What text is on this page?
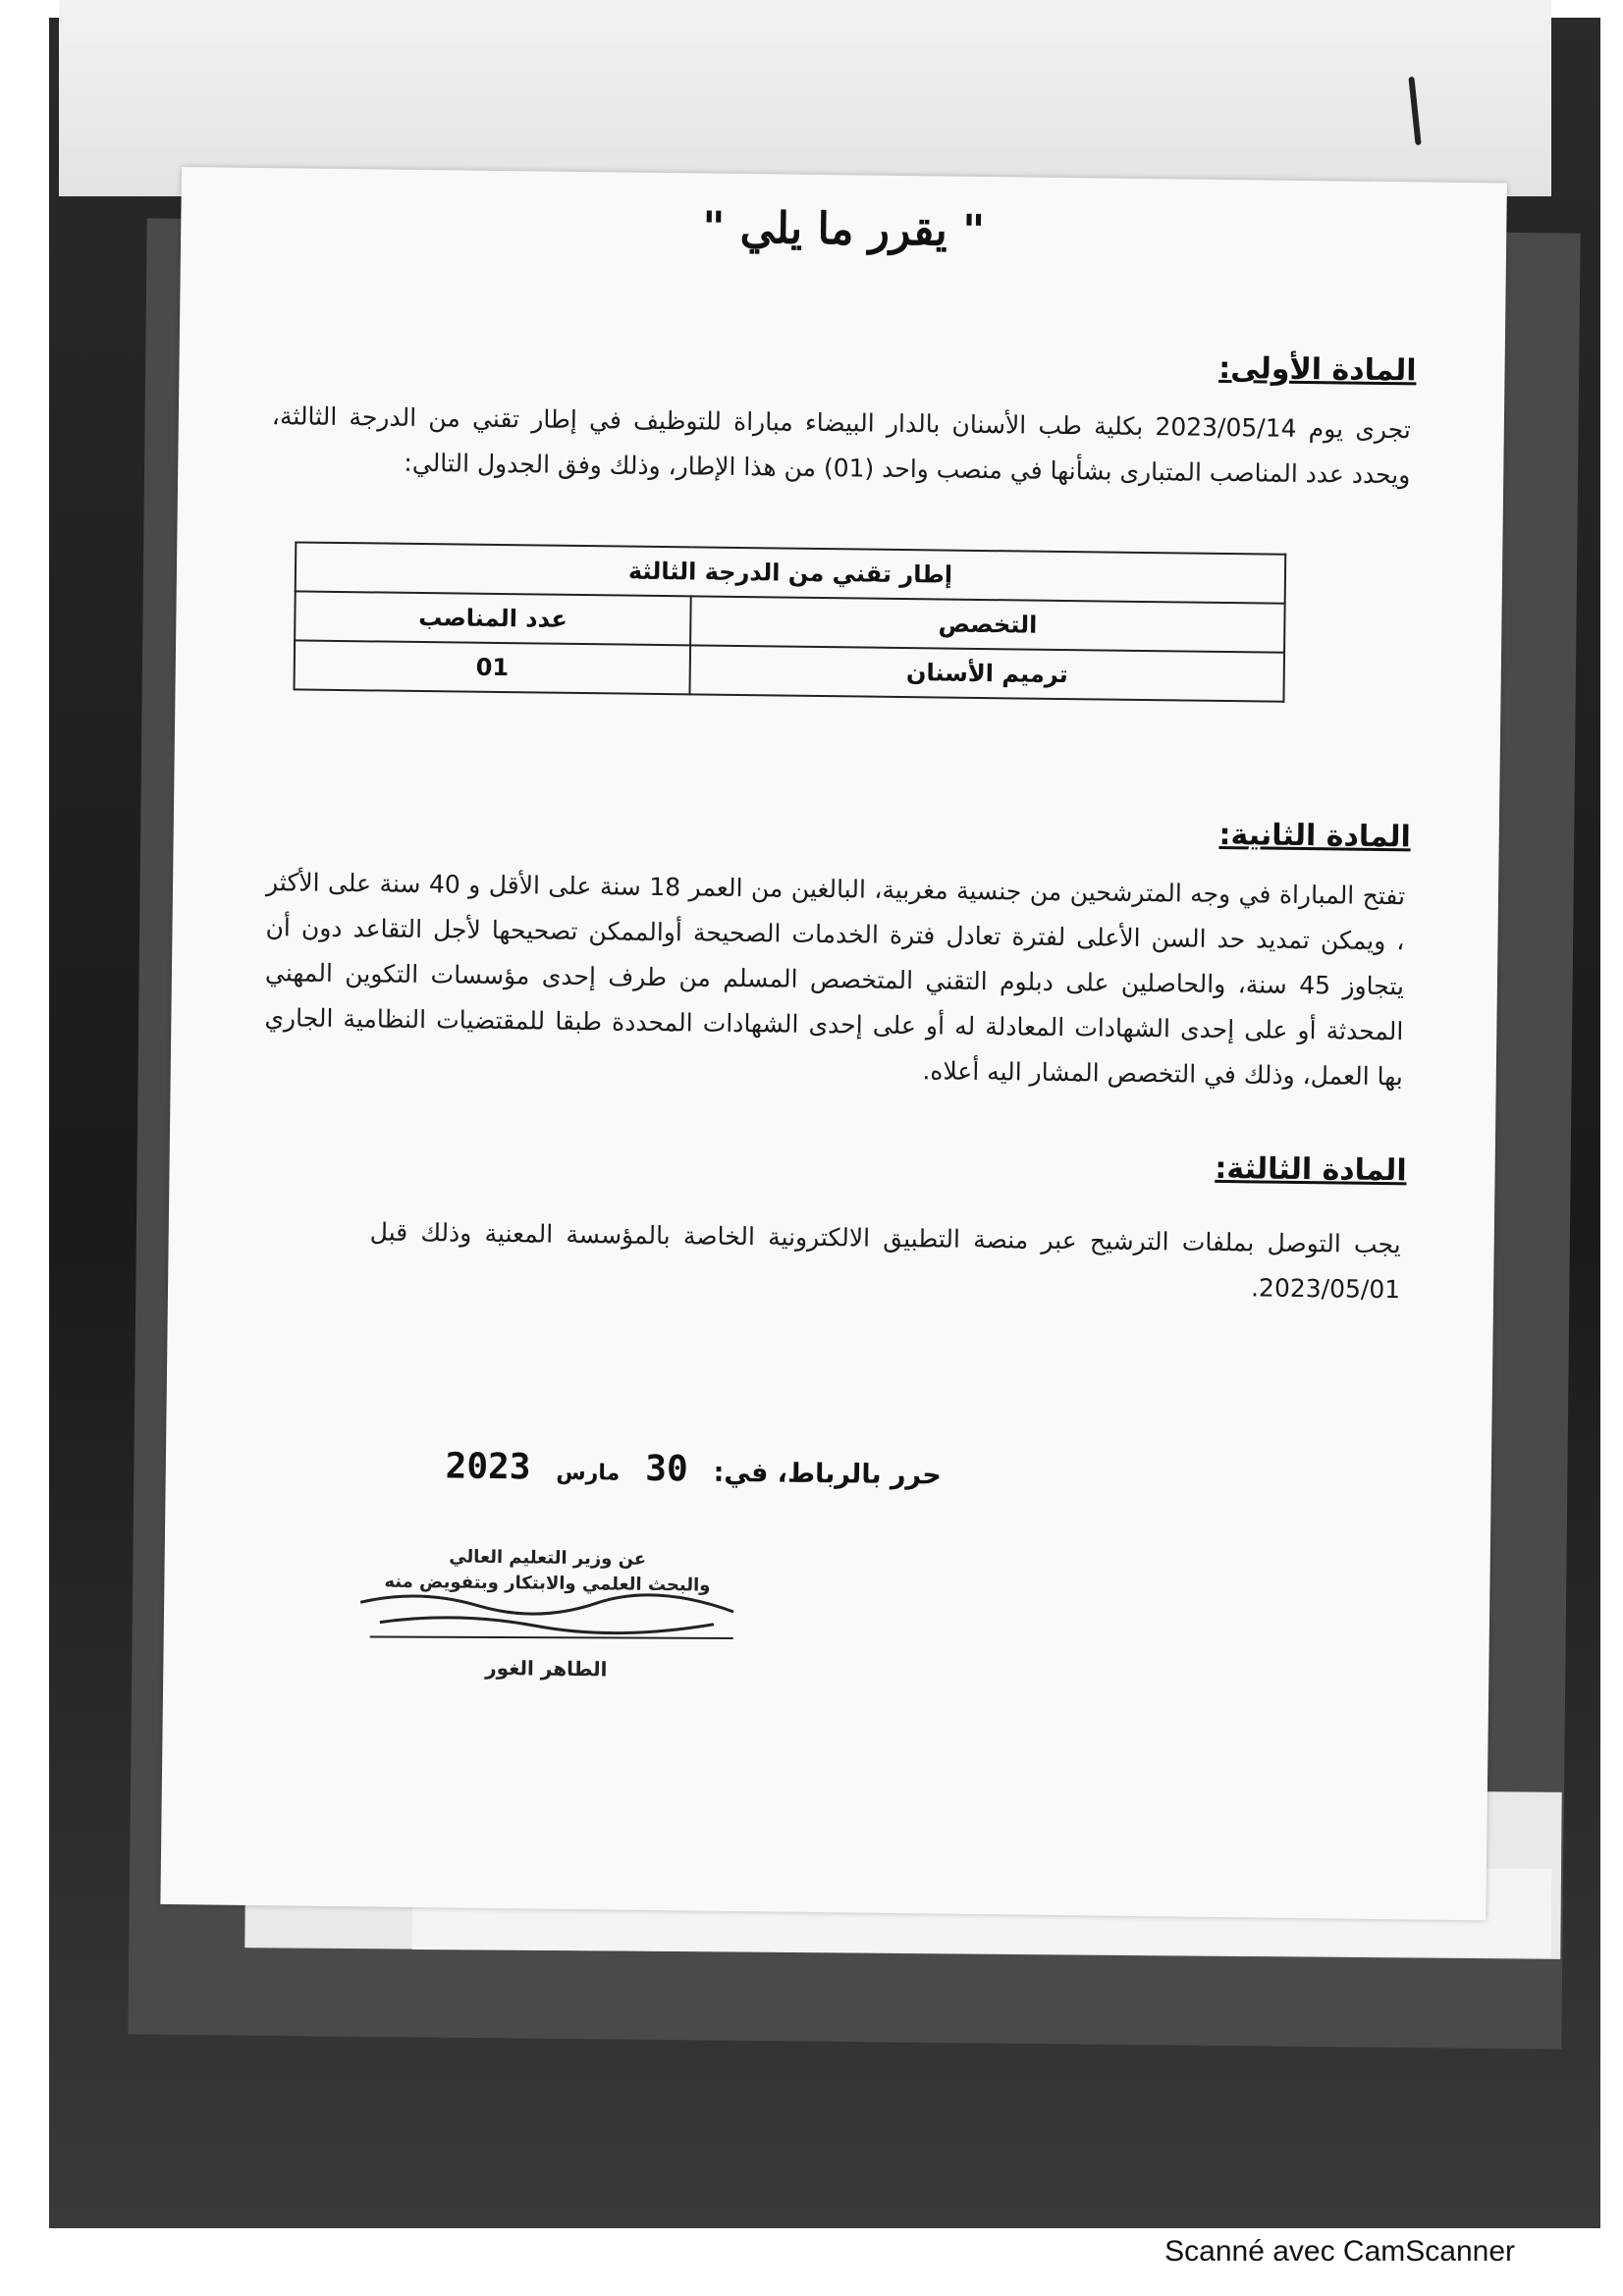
" يقرر ما يلي "
المادة الأولى:
تجرى يوم 2023/05/14 بكلية طب الأسنان بالدار البيضاء مباراة للتوظيف في إطار تقني من الدرجة الثالثة، ويحدد عدد المناصب المتبارى بشأنها في منصب واحد (01) من هذا الإطار، وذلك وفق الجدول التالي:
إطار تقني من الدرجة الثالثة	
التخصص	عدد المناصب
ترميم الأسنان	01
المادة الثانية:
تفتح المباراة في وجه المترشحين من جنسية مغربية، البالغين من العمر 18 سنة على الأقل و 40 سنة على الأكثر ، ويمكن تمديد حد السن الأعلى لفترة تعادل فترة الخدمات الصحيحة أوالممكن تصحيحها لأجل التقاعد دون أن يتجاوز 45 سنة، والحاصلين على دبلوم التقني المتخصص المسلم من طرف إحدى مؤسسات التكوين المهني المحدثة أو على إحدى الشهادات المعادلة له أو على إحدى الشهادات المحددة طبقا للمقتضيات النظامية الجاري بها العمل، وذلك في التخصص المشار اليه أعلاه.
المادة الثالثة:
يجب التوصل بملفات الترشيح عبر منصة التطبيق الالكترونية الخاصة بالمؤسسة المعنية وذلك قبل 2023/05/01.
حرر بالرباط، في:
30
مارس
2023
عن وزير التعليم العالي
والبحث العلمي والابتكار وبتفويض منه
الطاهر الغور
Scanné avec CamScanner
